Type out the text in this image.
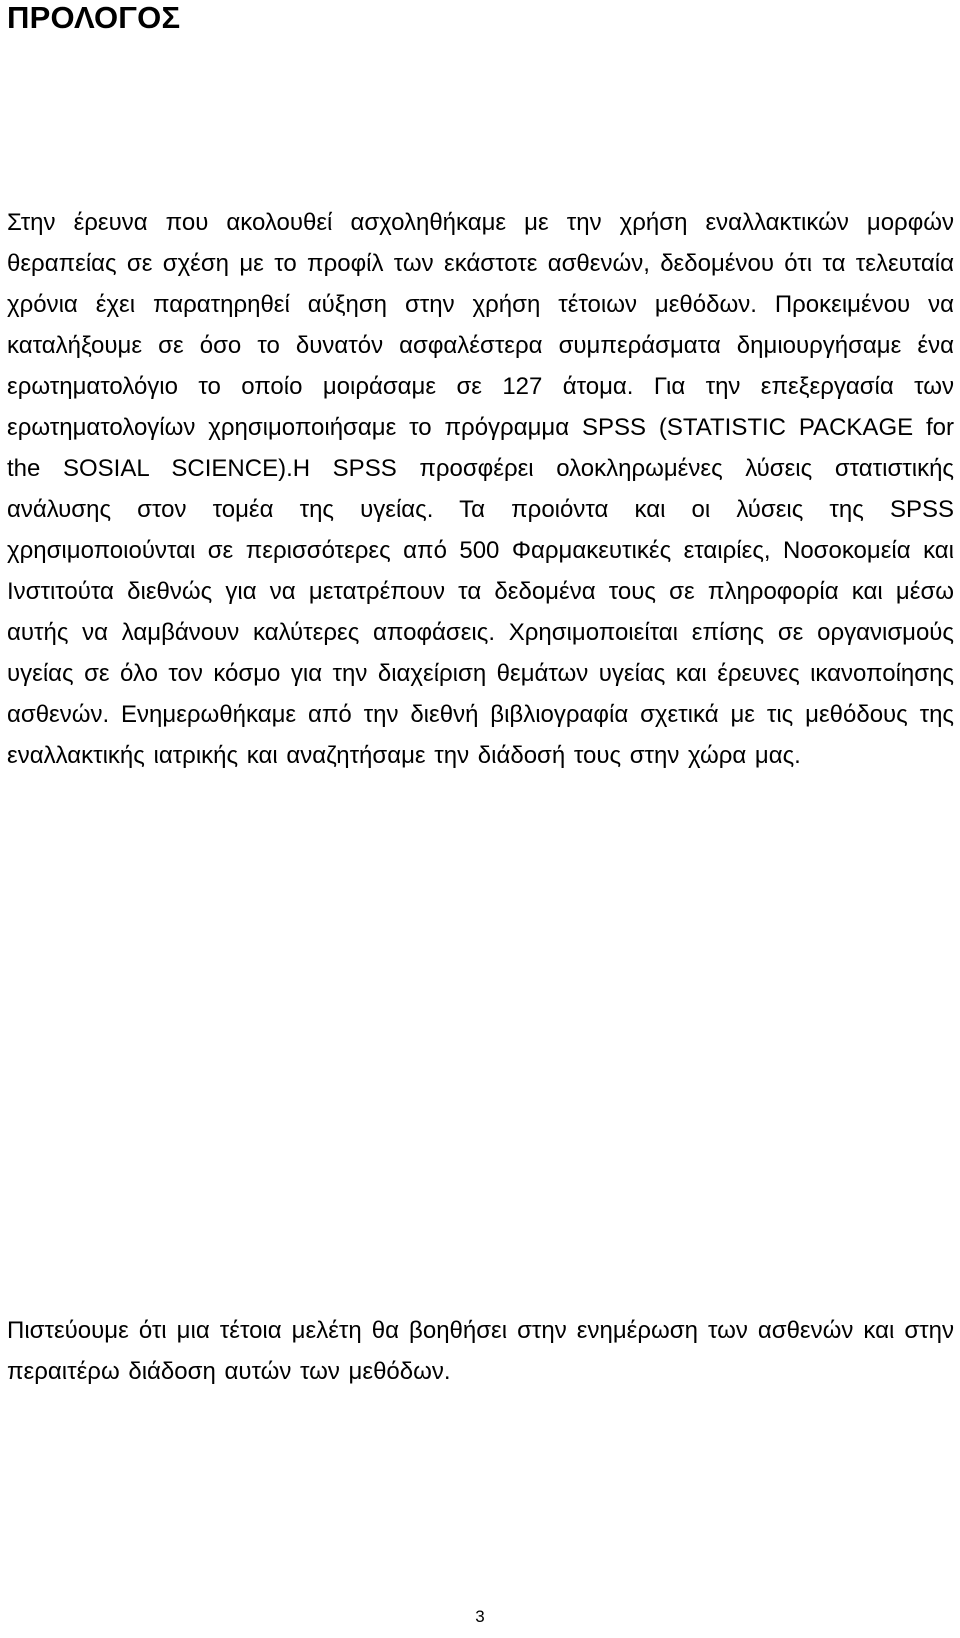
ΠΡΟΛΟΓΟΣ

Στην έρευνα που ακολουθεί ασχοληθήκαμε με την χρήση εναλλακτικών μορφών θεραπείας σε σχέση με το προφίλ των εκάστοτε ασθενών, δεδομένου ότι τα τελευταία χρόνια έχει παρατηρηθεί αύξηση στην χρήση τέτοιων μεθόδων. Προκειμένου να καταλήξουμε σε όσο το δυνατόν ασφαλέστερα συμπεράσματα δημιουργήσαμε ένα ερωτηματολόγιο το οποίο μοιράσαμε σε 127 άτομα. Για την επεξεργασία των ερωτηματολογίων χρησιμοποιήσαμε το πρόγραμμα SPSS (STATISTIC PACKAGE for the SOSIAL SCIENCE).Η SPSS προσφέρει ολοκληρωμένες λύσεις στατιστικής ανάλυσης στον τομέα της υγείας. Τα προιόντα και οι λύσεις της SPSS χρησιμοποιούνται σε περισσότερες από 500 Φαρμακευτικές εταιρίες, Νοσοκομεία και Ινστιτούτα διεθνώς για να μετατρέπουν τα δεδομένα τους σε πληροφορία και μέσω αυτής να λαμβάνουν καλύτερες αποφάσεις. Χρησιμοποιείται επίσης σε οργανισμούς υγείας σε όλο τον κόσμο για την διαχείριση θεμάτων υγείας και έρευνες ικανοποίησης ασθενών. Ενημερωθήκαμε από την διεθνή βιβλιογραφία σχετικά με τις μεθόδους της εναλλακτικής ιατρικής και αναζητήσαμε την διάδοσή τους στην χώρα μας.

Πιστεύουμε ότι μια τέτοια μελέτη θα βοηθήσει στην ενημέρωση των ασθενών και στην περαιτέρω διάδοση αυτών των μεθόδων.

3
